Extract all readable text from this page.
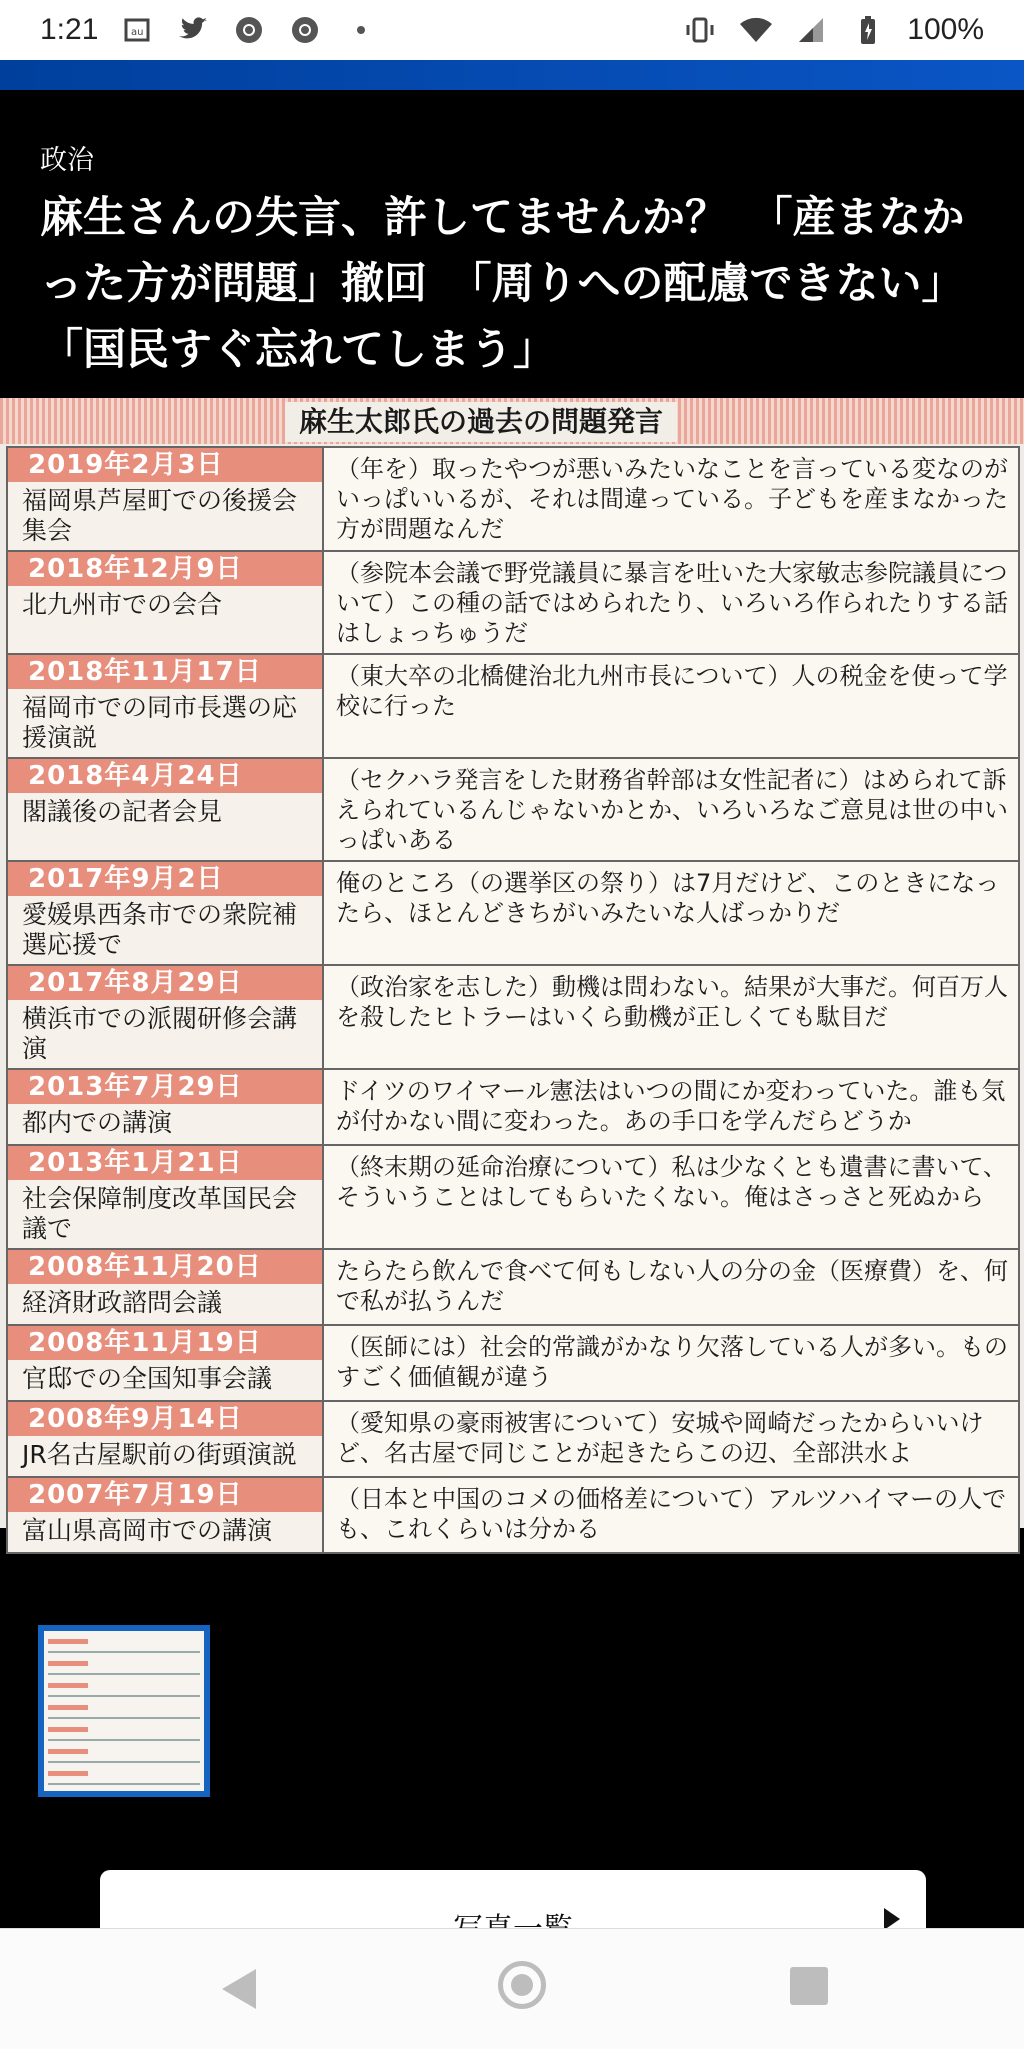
1:21	au	100%
政治
麻生さんの失言、許してませんか？　「産まなかった方が問題」撤回　「周りへの配慮できない」　「国民すぐ忘れてしまう」
麻生太郎氏の過去の問題発言
2019年2月3日
福岡県芦屋町での後援会集会	（年を）取ったやつが悪いみたいなことを言っている変なのがいっぱいいるが、それは間違っている。子どもを産まなかった方が問題なんだ

2018年12月9日
北九州市での会合	（参院本会議で野党議員に暴言を吐いた大家敏志参院議員について）この種の話ではめられたり、いろいろ作られたりする話はしょっちゅうだ

2018年11月17日
福岡市での同市長選の応援演説	（東大卒の北橋健治北九州市長について）人の税金を使って学校に行った

2018年4月24日
閣議後の記者会見	（セクハラ発言をした財務省幹部は女性記者に）はめられて訴えられているんじゃないかとか、いろいろなご意見は世の中いっぱいある

2017年9月2日
愛媛県西条市での衆院補選応援で	俺のところ（の選挙区の祭り）は7月だけど、このときになったら、ほとんどきちがいみたいな人ばっかりだ

2017年8月29日
横浜市での派閥研修会講演	（政治家を志した）動機は問わない。結果が大事だ。何百万人を殺したヒトラーはいくら動機が正しくても駄目だ

2013年7月29日
都内での講演	ドイツのワイマール憲法はいつの間にか変わっていた。誰も気が付かない間に変わった。あの手口を学んだらどうか

2013年1月21日
社会保障制度改革国民会議で	（終末期の延命治療について）私は少なくとも遺書に書いて、そういうことはしてもらいたくない。俺はさっさと死ぬから

2008年11月20日
経済財政諮問会議	たらたら飲んで食べて何もしない人の分の金（医療費）を、何で私が払うんだ

2008年11月19日
官邸での全国知事会議	（医師には）社会的常識がかなり欠落している人が多い。ものすごく価値観が違う

2008年9月14日
JR名古屋駅前の街頭演説	（愛知県の豪雨被害について）安城や岡崎だったからいいけど、名古屋で同じことが起きたらこの辺、全部洪水よ

2007年7月19日
富山県高岡市での講演	（日本と中国のコメの価格差について）アルツハイマーの人でも、これくらいは分かる
